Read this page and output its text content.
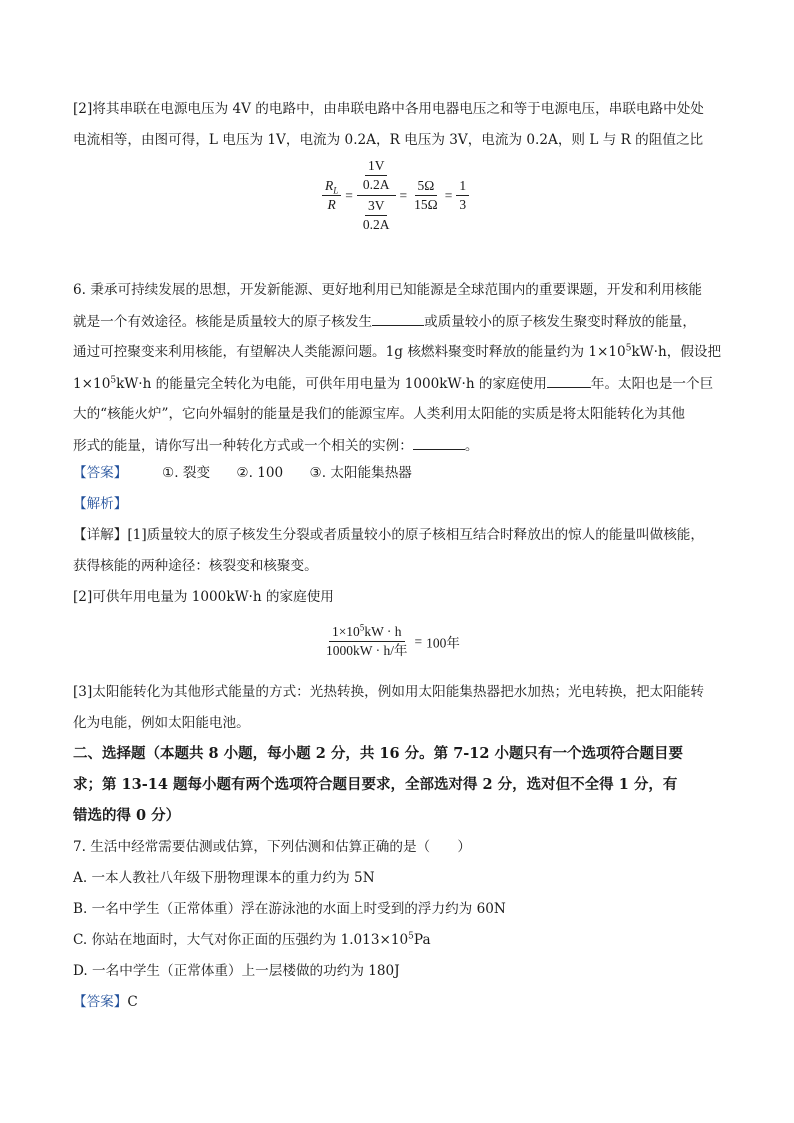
[2]将其串联在电源电压为 4V 的电路中，由串联电路中各用电器电压之和等于电源电压，串联电路中处处
电流相等，由图可得，L 电压为 1V，电流为 0.2A，R 电压为 3V，电流为 0.2A，则 L 与 R 的阻值之比
$\frac{R_L}{R} = \frac{\frac{1V}{0.2A}}{\frac{3V}{0.2A}} = \frac{5\Omega}{15\Omega} = \frac{1}{3}$
6. 秉承可持续发展的思想，开发新能源、更好地利用已知能源是全球范围内的重要课题，开发和利用核能
就是一个有效途径。核能是质量较大的原子核发生	或质量较小的原子核发生聚变时释放的能量，
通过可控聚变来利用核能，有望解决人类能源问题。1g 核燃料聚变时释放的能量约为 $1\times 10^5kW\cdot h$，假设把
$1\times 10^5kW\cdot h$ 的能量完全转化为电能，可供年用电量为 1000kW·h 的家庭使用	年。太阳也是一个巨
大的“核能火炉”，它向外辐射的能量是我们的能源宝库。人类利用太阳能的实质是将太阳能转化为其他
形式的能量，请你写出一种转化方式或一个相关的实例：	。
【答案】	①. 裂变 ②. 100 ③. 太阳能集热器
【解析】
【详解】[1]质量较大的原子核发生分裂或者质量较小的原子核相互结合时释放出的惊人的能量叫做核能，
获得核能的两种途径：核裂变和核聚变。
[2]可供年用电量为 1000kW·h 的家庭使用
$\frac{1\times 10^5kW \cdot h}{\text{1000kW · h/年}} = 100$年
[3]太阳能转化为其他形式能量的方式：光热转换，例如用太阳能集热器把水加热；光电转换，把太阳能转
化为电能，例如太阳能电池。
二、选择题（本题共 8 小题，每小题 2 分，共 16 分。第 7-12 小题只有一个选项符合题目要
求；第 13-14 题每小题有两个选项符合题目要求，全部选对得 2 分，选对但不全得 1 分，有
错选的得 0 分）
7. 生活中经常需要估测或估算，下列估测和估算正确的是（　　）
A. 一本人教社八年级下册物理课本的重力约为 5N
B. 一名中学生（正常体重）浮在游泳池的水面上时受到的浮力约为 60N
C. 你站在地面时，大气对你正面的压强约为 $1.013\times 10^5Pa$
D. 一名中学生（正常体重）上一层楼做的功约为 180J
【答案】C
